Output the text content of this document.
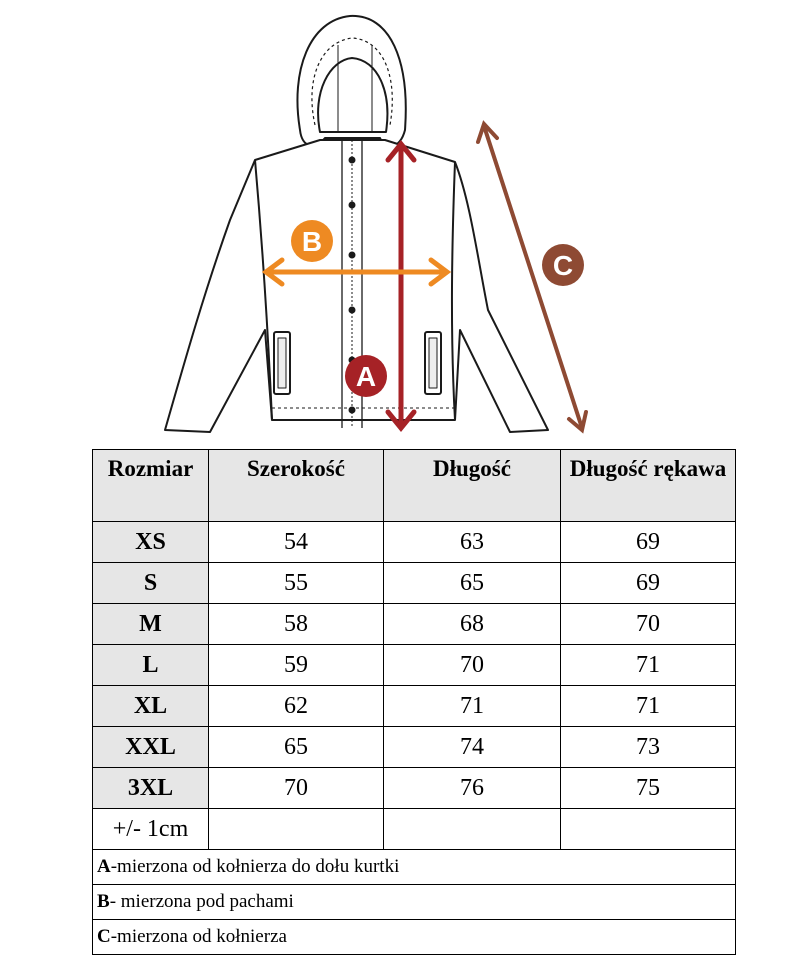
A
B
C
Rozmiar	Szerokość	Długość	Długość rękawa
XS	54	63	69
S	55	65	69
M	58	68	70
L	59	70	71
XL	62	71	71
XXL	65	74	73
3XL	70	76	75
+/- 1cm			
A-mierzona od kołnierza do dołu kurtki			
B- mierzona pod pachami			
C-mierzona od kołnierza			
